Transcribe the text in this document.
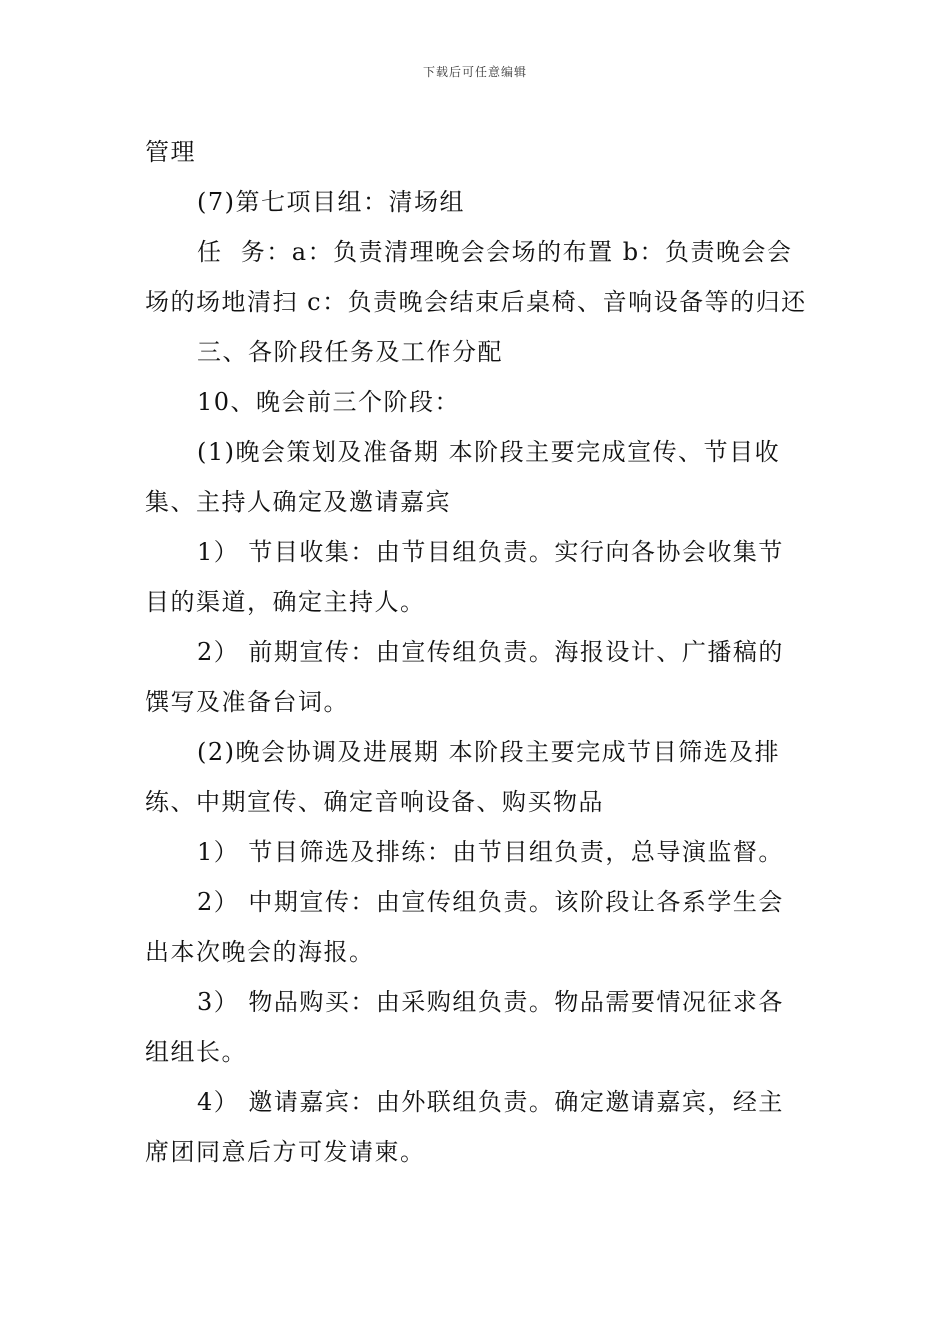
下载后可任意编辑

管理

(7)第七项目组：清场组

任  务：a：负责清理晚会会场的布置 b：负责晚会会场的场地清扫 c：负责晚会结束后桌椅、音响设备等的归还

三、各阶段任务及工作分配

10、晚会前三个阶段：

(1)晚会策划及准备期 本阶段主要完成宣传、节目收集、主持人确定及邀请嘉宾

1） 节目收集：由节目组负责。实行向各协会收集节目的渠道，确定主持人。

2） 前期宣传：由宣传组负责。海报设计、广播稿的馔写及准备台词。

(2)晚会协调及进展期 本阶段主要完成节目筛选及排练、中期宣传、确定音响设备、购买物品

1） 节目筛选及排练：由节目组负责，总导演监督。

2） 中期宣传：由宣传组负责。该阶段让各系学生会出本次晚会的海报。

3） 物品购买：由采购组负责。物品需要情况征求各组组长。

4） 邀请嘉宾：由外联组负责。确定邀请嘉宾，经主席团同意后方可发请柬。
